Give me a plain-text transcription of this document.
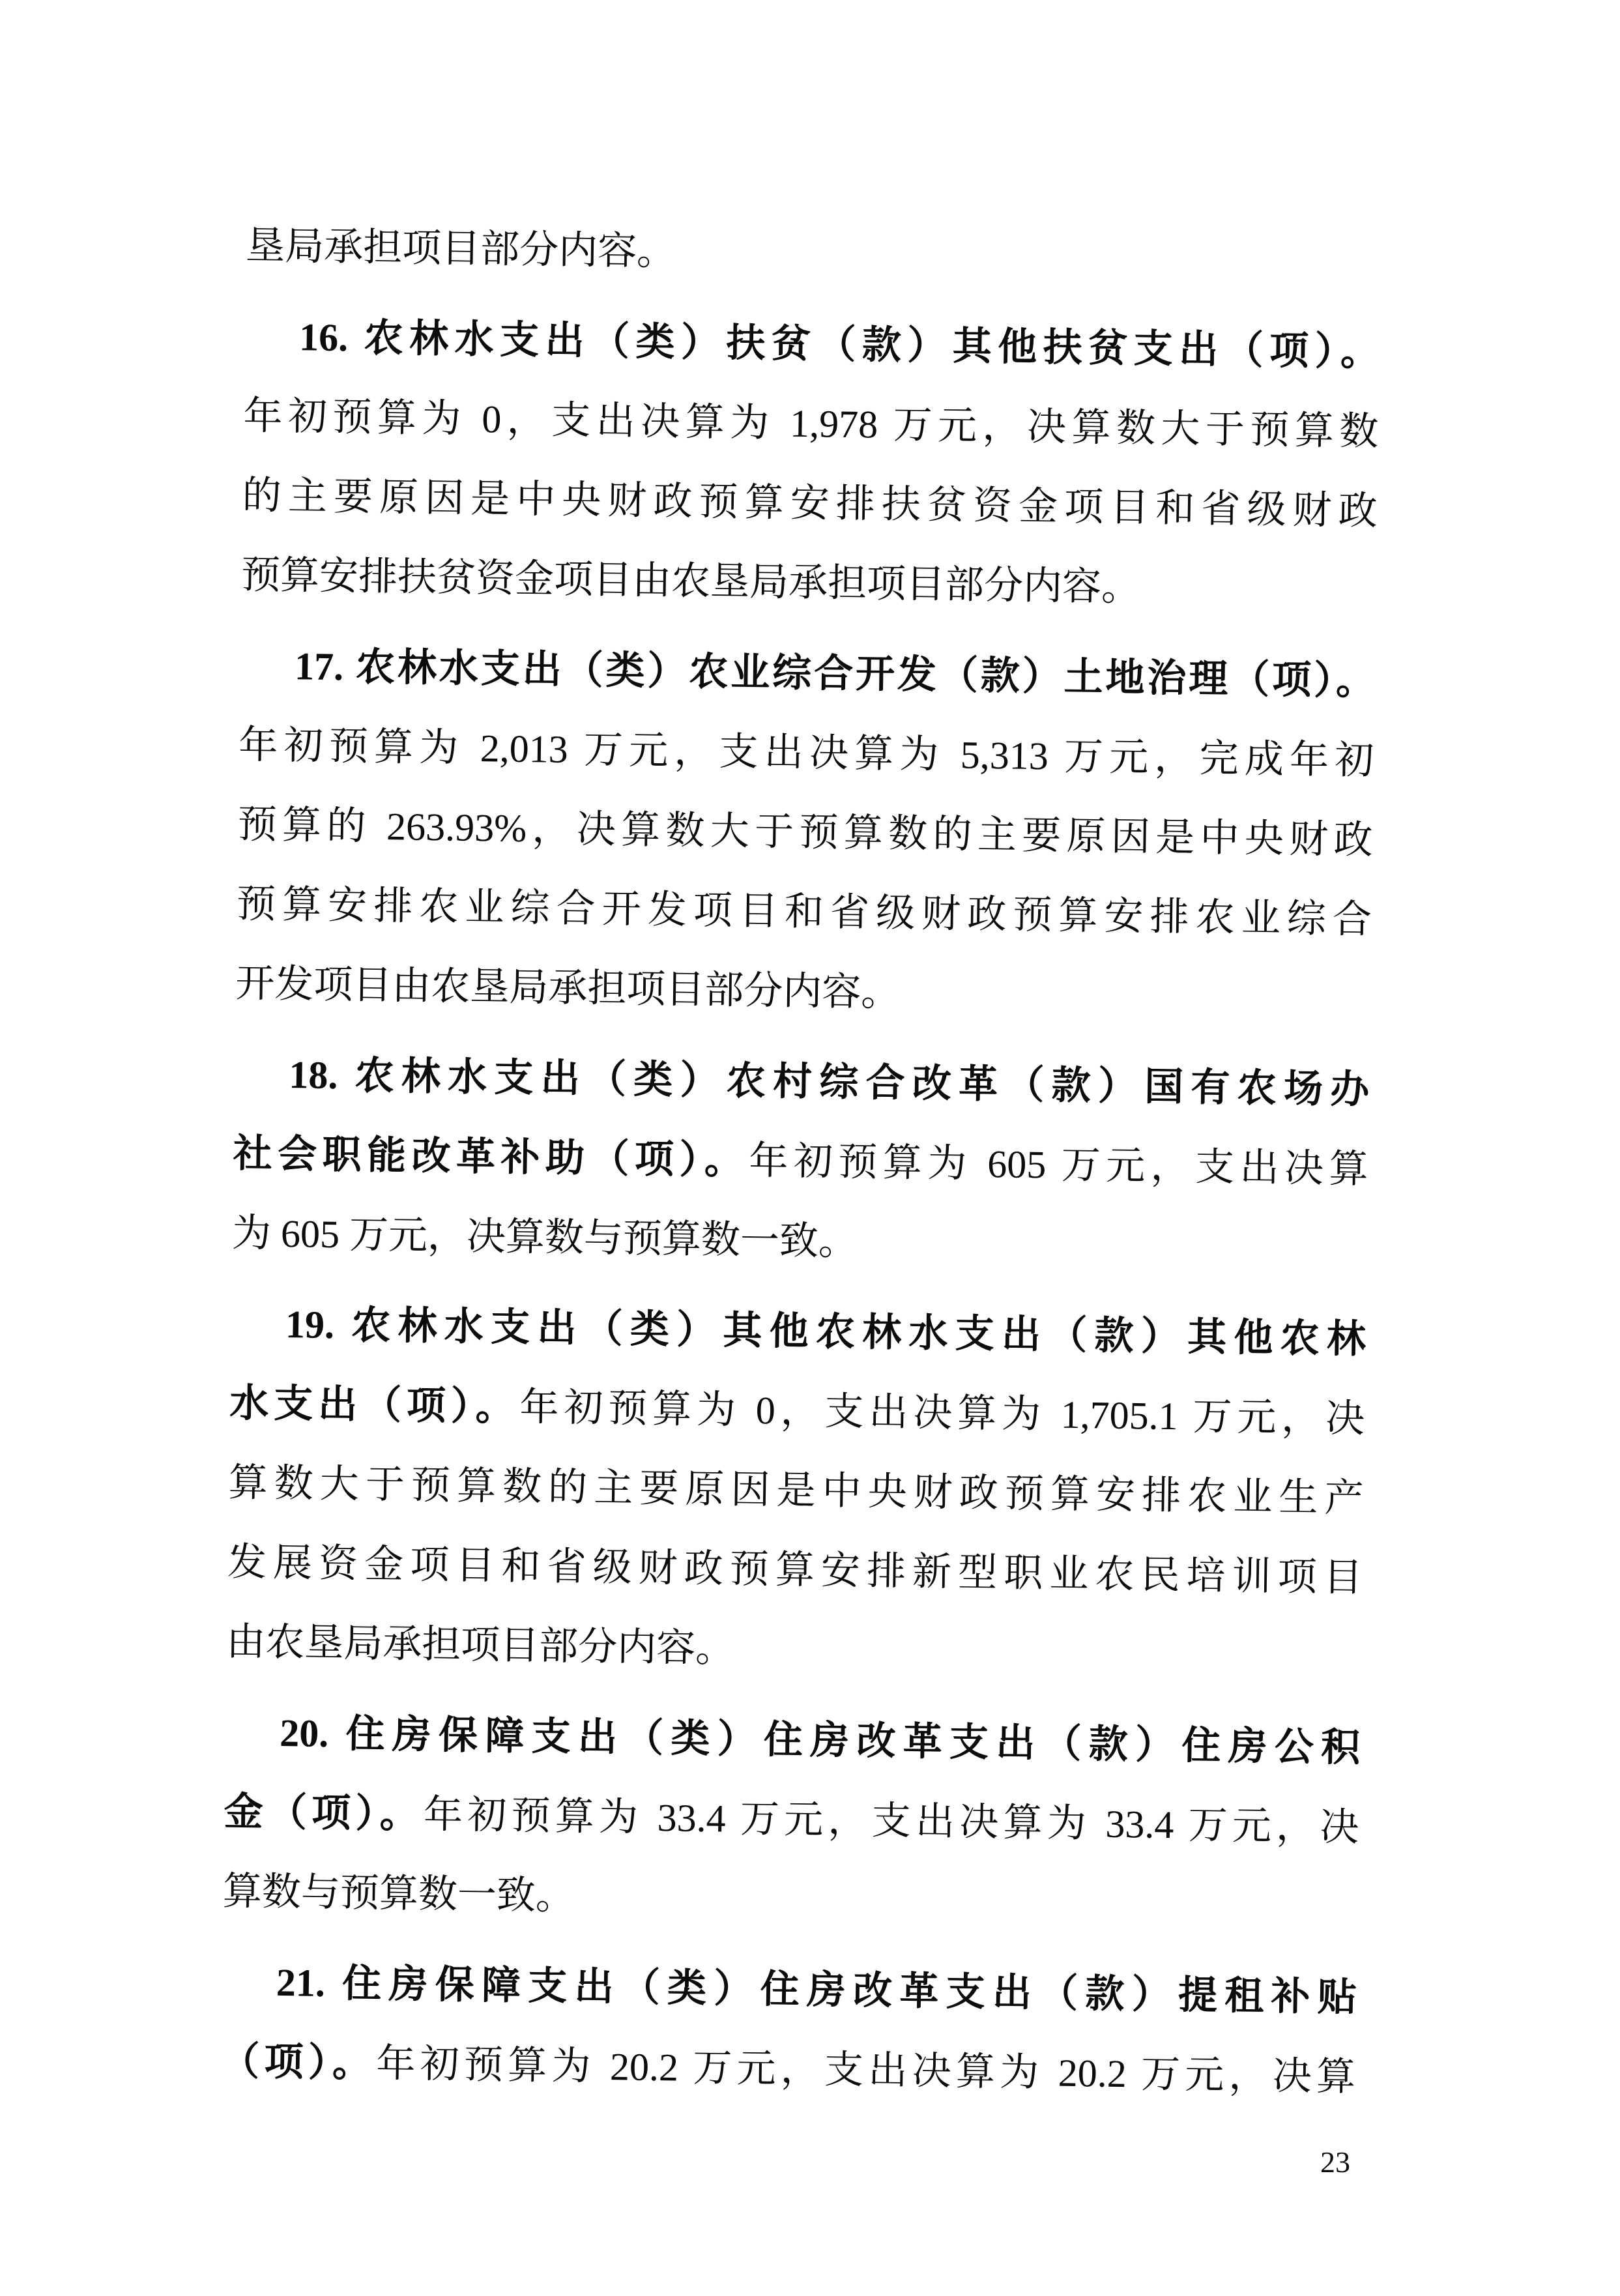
垦局承担项目部分内容。
16. 农林水支出（类）扶贫（款）其他扶贫支出（项）。
年初预算为 0，支出决算为 1,978 万元，决算数大于预算数
的主要原因是中央财政预算安排扶贫资金项目和省级财政
预算安排扶贫资金项目由农垦局承担项目部分内容。
17. 农林水支出（类）农业综合开发（款）土地治理（项）。
年初预算为 2,013 万元，支出决算为 5,313 万元，完成年初
预算的 263.93%，决算数大于预算数的主要原因是中央财政
预算安排农业综合开发项目和省级财政预算安排农业综合
开发项目由农垦局承担项目部分内容。
18. 农林水支出（类）农村综合改革（款）国有农场办
社会职能改革补助（项）。年初预算为 605 万元，支出决算
为 605 万元，决算数与预算数一致。
19. 农林水支出（类）其他农林水支出（款）其他农林
水支出（项）。年初预算为 0，支出决算为 1,705.1 万元，决
算数大于预算数的主要原因是中央财政预算安排农业生产
发展资金项目和省级财政预算安排新型职业农民培训项目
由农垦局承担项目部分内容。
20. 住房保障支出（类）住房改革支出（款）住房公积
金（项）。年初预算为 33.4 万元，支出决算为 33.4 万元，决
算数与预算数一致。
21. 住房保障支出（类）住房改革支出（款）提租补贴
（项）。年初预算为 20.2 万元，支出决算为 20.2 万元，决算
23
